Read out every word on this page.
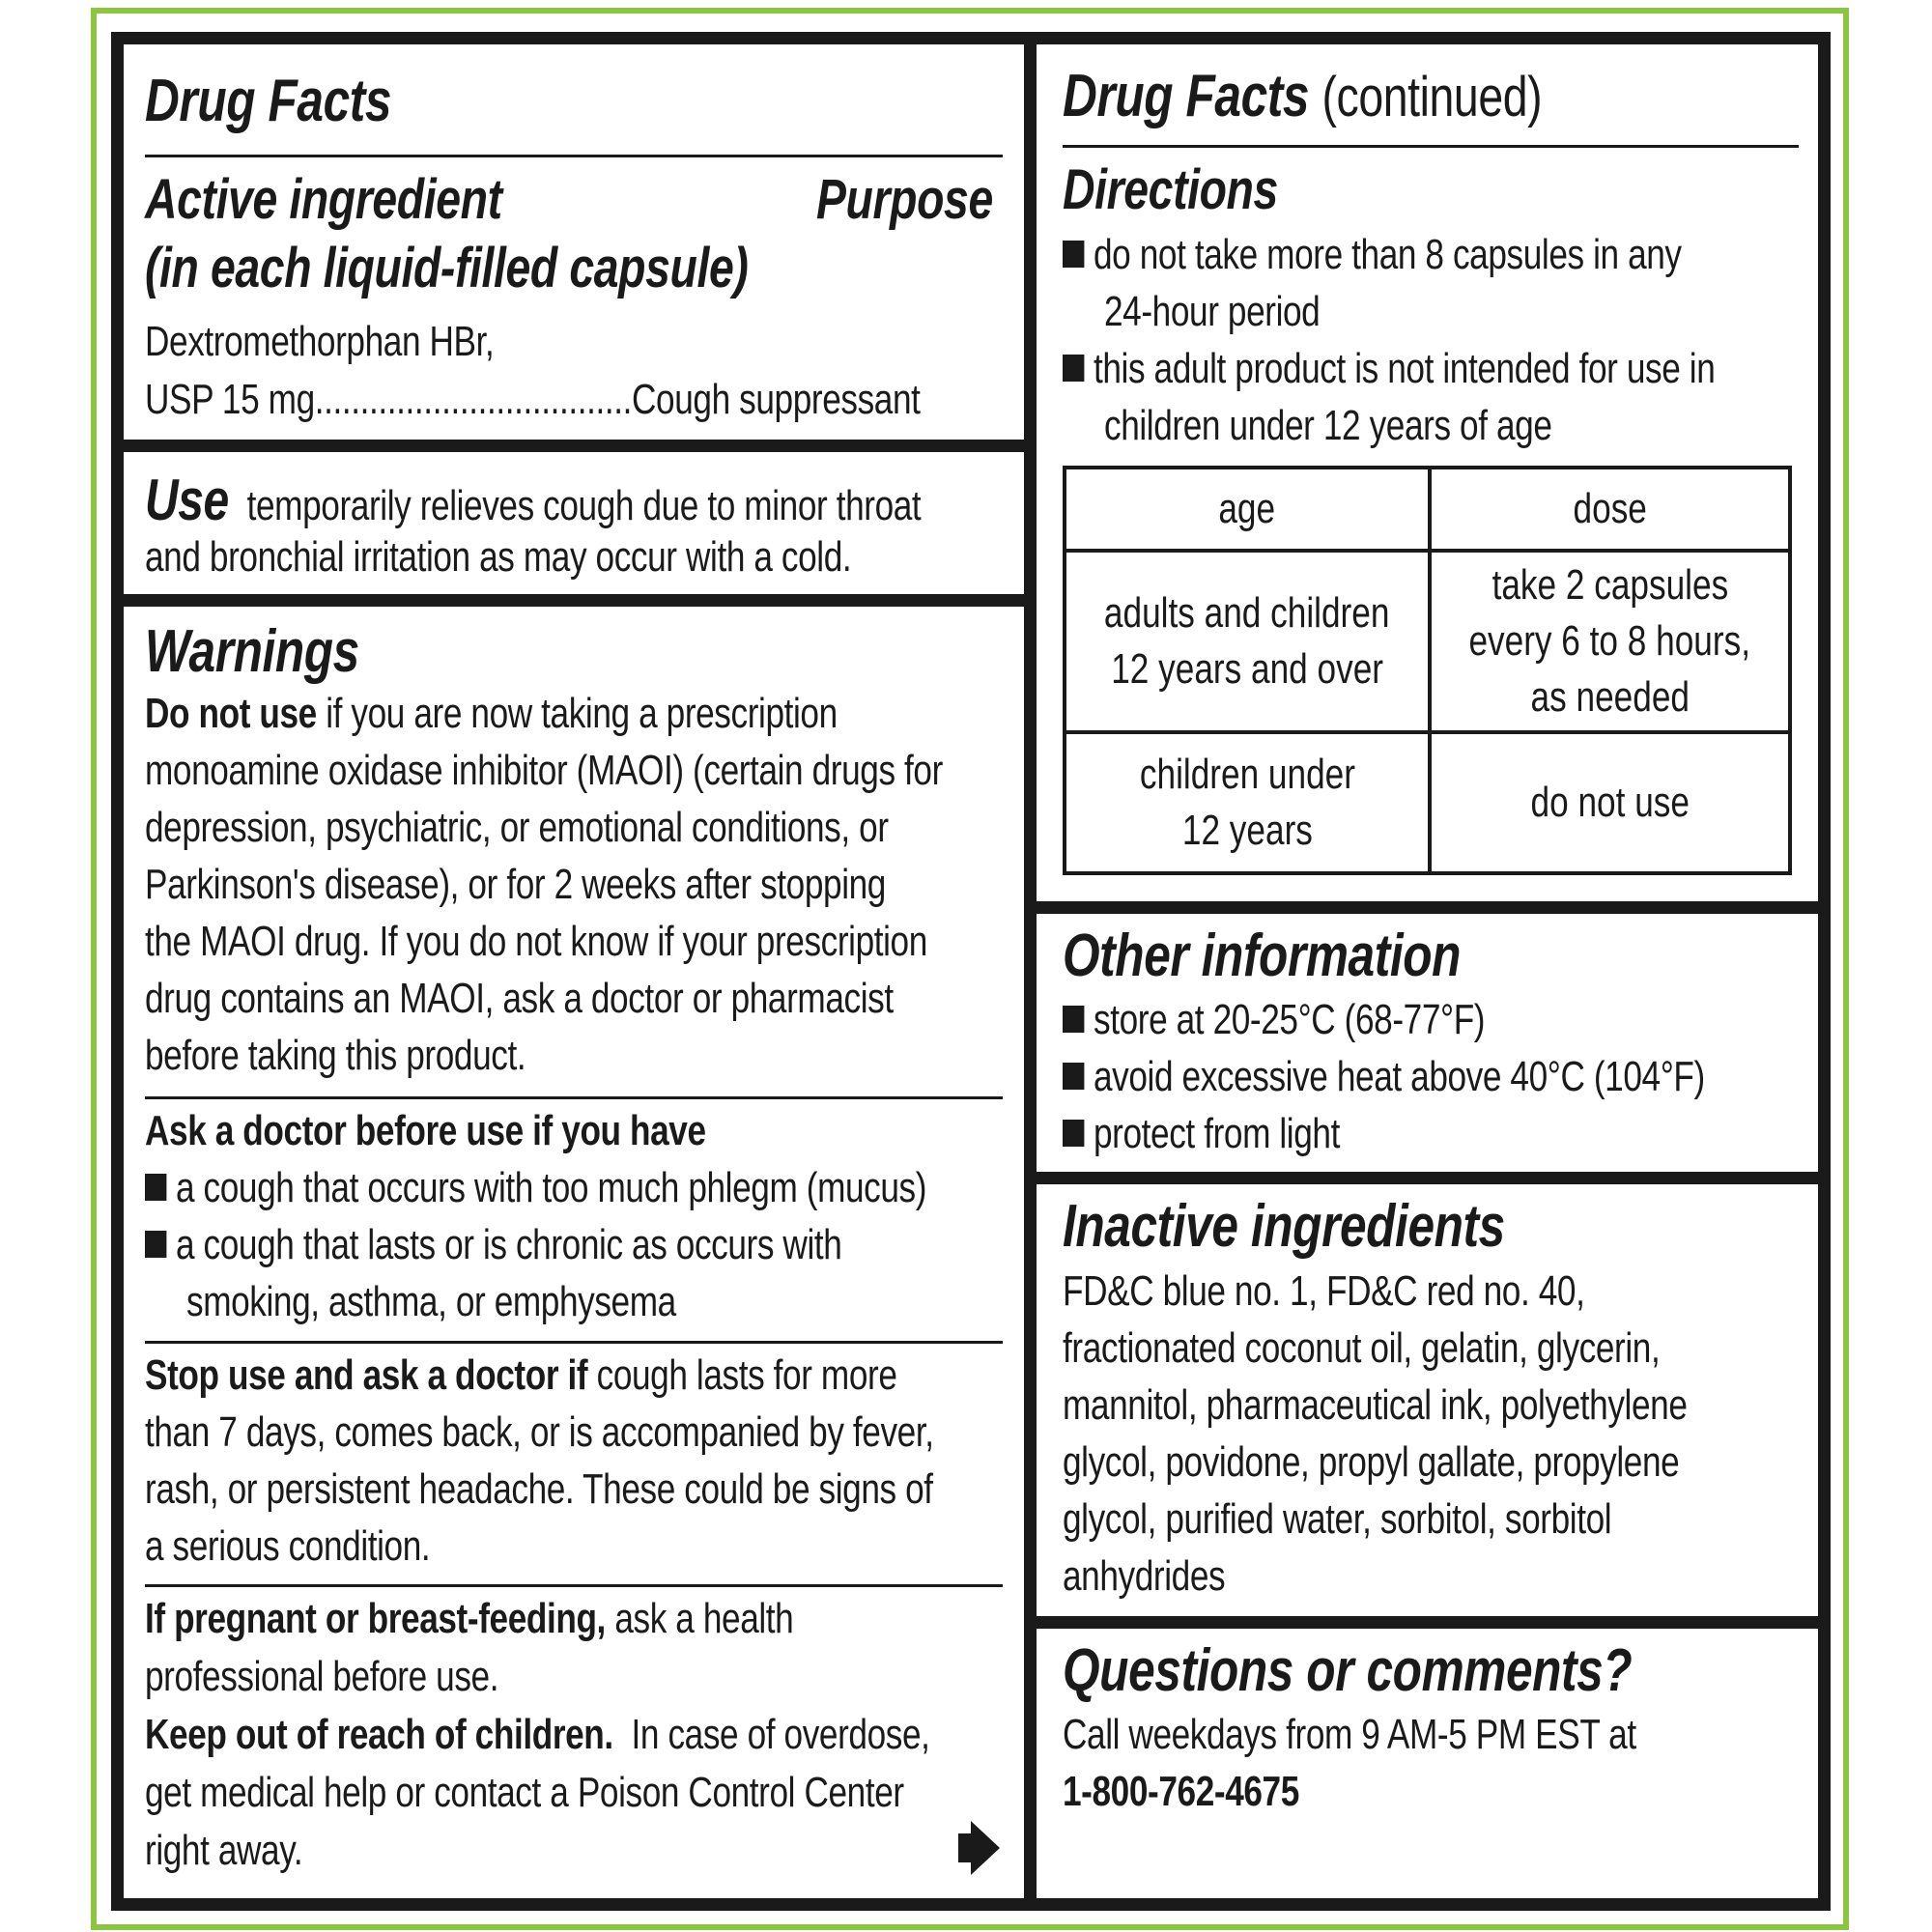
Drug Facts
Active ingredient	Purpose
(in each liquid-filled capsule)
Dextromethorphan HBr,
USP 15 mg...................................Cough suppressant
Use temporarily relieves cough due to minor throat
and bronchial irritation as may occur with a cold.
Warnings
Do not use if you are now taking a prescription
monoamine oxidase inhibitor (MAOI) (certain drugs for
depression, psychiatric, or emotional conditions, or
Parkinson's disease), or for 2 weeks after stopping
the MAOI drug. If you do not know if your prescription
drug contains an MAOI, ask a doctor or pharmacist
before taking this product.
Ask a doctor before use if you have
a cough that occurs with too much phlegm (mucus)
a cough that lasts or is chronic as occurs with
smoking, asthma, or emphysema
Stop use and ask a doctor if cough lasts for more
than 7 days, comes back, or is accompanied by fever,
rash, or persistent headache. These could be signs of
a serious condition.
If pregnant or breast-feeding, ask a health
professional before use.
Keep out of reach of children. In case of overdose,
get medical help or contact a Poison Control Center
right away.
Drug Facts (continued)
Directions
do not take more than 8 capsules in any
24-hour period
this adult product is not intended for use in
children under 12 years of age
age	dose
adults and children
12 years and over	take 2 capsules
every 6 to 8 hours,
as needed
children under
12 years	do not use
Other information
store at 20-25°C (68-77°F)
avoid excessive heat above 40°C (104°F)
protect from light
Inactive ingredients
FD&C blue no. 1, FD&C red no. 40,
fractionated coconut oil, gelatin, glycerin,
mannitol, pharmaceutical ink, polyethylene
glycol, povidone, propyl gallate, propylene
glycol, purified water, sorbitol, sorbitol
anhydrides
Questions or comments?
Call weekdays from 9 AM-5 PM EST at
1-800-762-4675
